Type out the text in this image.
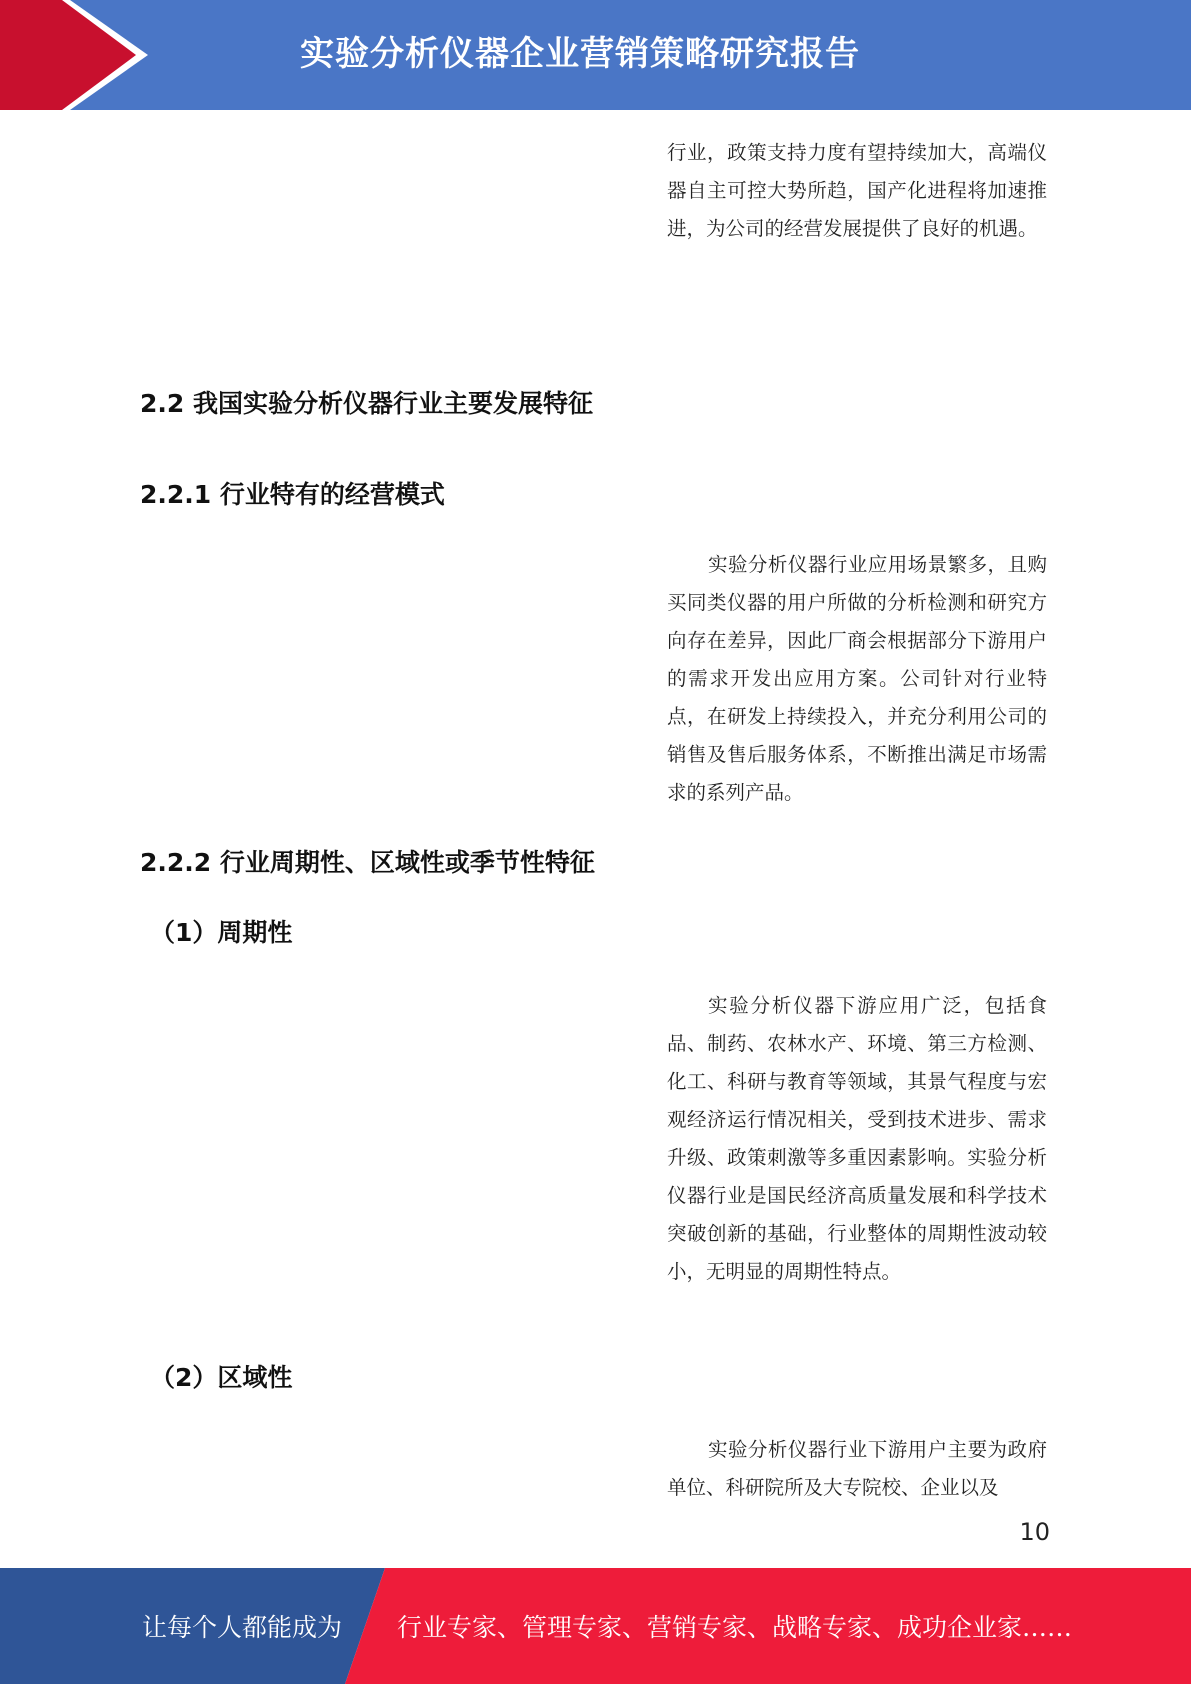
实验分析仪器企业营销策略研究报告

行业，政策支持力度有望持续加大，高端仪器自主可控大势所趋，国产化进程将加速推进，为公司的经营发展提供了良好的机遇。

2.2 我国实验分析仪器行业主要发展特征
2.2.1 行业特有的经营模式

实验分析仪器行业应用场景繁多，且购买同类仪器的用户所做的分析检测和研究方向存在差异，因此厂商会根据部分下游用户的需求开发出应用方案。公司针对行业特点，在研发上持续投入，并充分利用公司的销售及售后服务体系，不断推出满足市场需求的系列产品。

2.2.2 行业周期性、区域性或季节性特征
（1）周期性

实验分析仪器下游应用广泛，包括食品、制药、农林水产、环境、第三方检测、化工、科研与教育等领域，其景气程度与宏观经济运行情况相关，受到技术进步、需求升级、政策刺激等多重因素影响。实验分析仪器行业是国民经济高质量发展和科学技术突破创新的基础，行业整体的周期性波动较小，无明显的周期性特点。

（2）区域性

实验分析仪器行业下游用户主要为政府单位、科研院所及大专院校、企业以及

10
让每个人都能成为 行业专家、管理专家、营销专家、战略专家、成功企业家……
